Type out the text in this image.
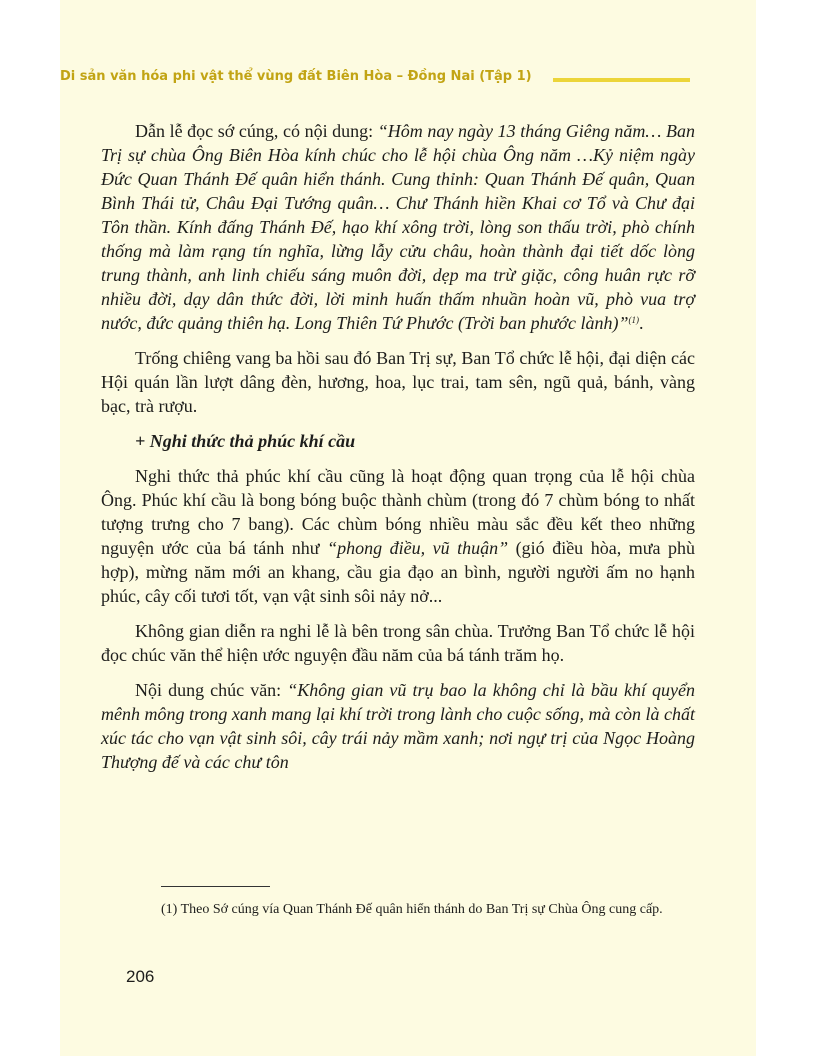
Di sản văn hóa phi vật thể vùng đất Biên Hòa – Đồng Nai (Tập 1)

Dẫn lễ đọc sớ cúng, có nội dung: “Hôm nay ngày 13 tháng Giêng năm… Ban Trị sự chùa Ông Biên Hòa kính chúc cho lễ hội chùa Ông năm …Kỷ niệm ngày Đức Quan Thánh Đế quân hiển thánh. Cung thỉnh: Quan Thánh Đế quân, Quan Bình Thái tử, Châu Đại Tướng quân… Chư Thánh hiền Khai cơ Tổ và Chư đại Tôn thần. Kính đấng Thánh Đế, hạo khí xông trời, lòng son thấu trời, phò chính thống mà làm rạng tín nghĩa, lừng lẫy cửu châu, hoàn thành đại tiết dốc lòng trung thành, anh linh chiếu sáng muôn đời, dẹp ma trừ giặc, công huân rực rỡ nhiều đời, dạy dân thức đời, lời minh huấn thấm nhuần hoàn vũ, phò vua trợ nước, đức quảng thiên hạ. Long Thiên Tứ Phước (Trời ban phước lành)”$^{(1)}$.

Trống chiêng vang ba hồi sau đó Ban Trị sự, Ban Tổ chức lễ hội, đại diện các Hội quán lần lượt dâng đèn, hương, hoa, lục trai, tam sên, ngũ quả, bánh, vàng bạc, trà rượu.

+ Nghi thức thả phúc khí cầu

Nghi thức thả phúc khí cầu cũng là hoạt động quan trọng của lễ hội chùa Ông. Phúc khí cầu là bong bóng buộc thành chùm (trong đó 7 chùm bóng to nhất tượng trưng cho 7 bang). Các chùm bóng nhiều màu sắc đều kết theo những nguyện ước của bá tánh như “phong điều, vũ thuận” (gió điều hòa, mưa phù hợp), mừng năm mới an khang, cầu gia đạo an bình, người người ấm no hạnh phúc, cây cối tươi tốt, vạn vật sinh sôi nảy nở...

Không gian diễn ra nghi lễ là bên trong sân chùa. Trưởng Ban Tổ chức lễ hội đọc chúc văn thể hiện ước nguyện đầu năm của bá tánh trăm họ.

Nội dung chúc văn: “Không gian vũ trụ bao la không chỉ là bầu khí quyển mênh mông trong xanh mang lại khí trời trong lành cho cuộc sống, mà còn là chất xúc tác cho vạn vật sinh sôi, cây trái nảy mầm xanh; nơi ngự trị của Ngọc Hoàng Thượng đế và các chư tôn

(1) Theo Sớ cúng vía Quan Thánh Đế quân hiển thánh do Ban Trị sự Chùa Ông cung cấp.
206
